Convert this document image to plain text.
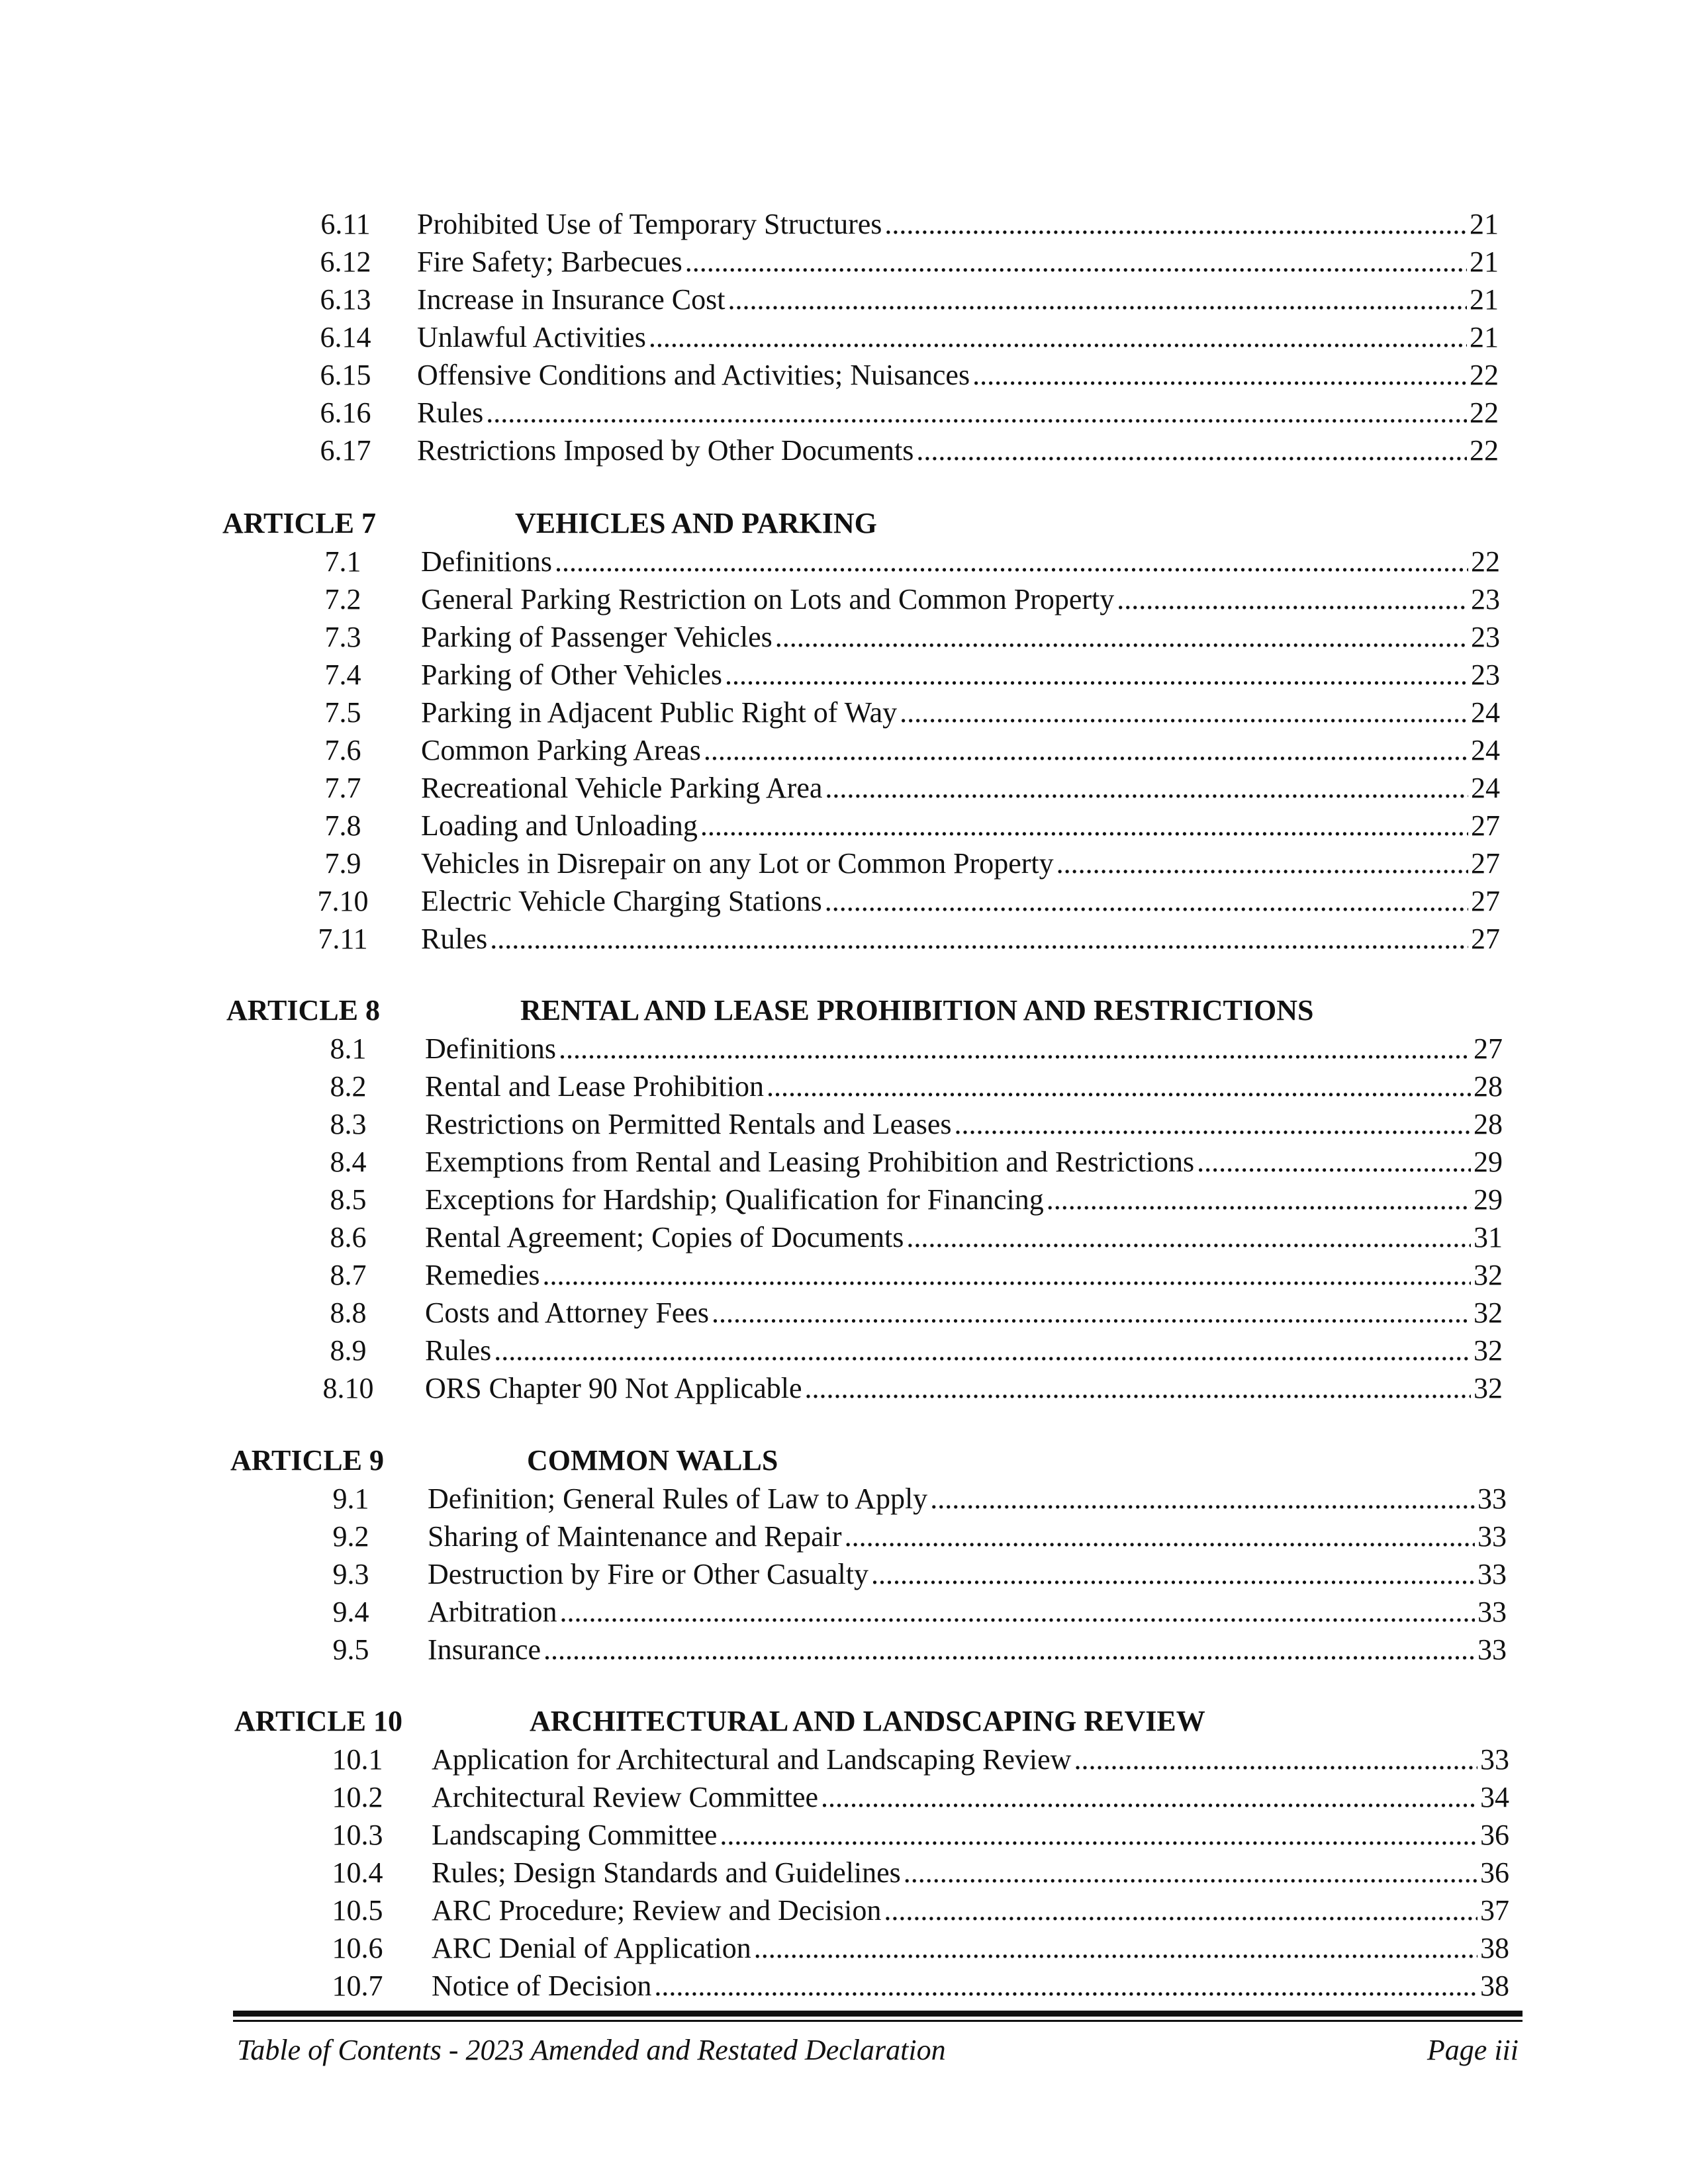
6.11	Prohibited Use of Temporary Structures .....	21
6.12	Fire Safety; Barbecues .....	21
6.13	Increase in Insurance Cost .....	21
6.14	Unlawful Activities .....	21
6.15	Offensive Conditions and Activities; Nuisances .....	22
6.16	Rules .....	22
6.17	Restrictions Imposed by Other Documents .....	22
ARTICLE 7	VEHICLES AND PARKING
7.1	Definitions .....	22
7.2	General Parking Restriction on Lots and Common Property .....	23
7.3	Parking of Passenger Vehicles .....	23
7.4	Parking of Other Vehicles .....	23
7.5	Parking in Adjacent Public Right of Way .....	24
7.6	Common Parking Areas .....	24
7.7	Recreational Vehicle Parking Area .....	24
7.8	Loading and Unloading .....	27
7.9	Vehicles in Disrepair on any Lot or Common Property .....	27
7.10	Electric Vehicle Charging Stations .....	27
7.11	Rules .....	27
ARTICLE 8	RENTAL AND LEASE PROHIBITION AND RESTRICTIONS
8.1	Definitions .....	27
8.2	Rental and Lease Prohibition .....	28
8.3	Restrictions on Permitted Rentals and Leases .....	28
8.4	Exemptions from Rental and Leasing Prohibition and Restrictions .....	29
8.5	Exceptions for Hardship; Qualification for Financing .....	29
8.6	Rental Agreement; Copies of Documents .....	31
8.7	Remedies .....	32
8.8	Costs and Attorney Fees .....	32
8.9	Rules .....	32
8.10	ORS Chapter 90 Not Applicable .....	32
ARTICLE 9	COMMON WALLS
9.1	Definition; General Rules of Law to Apply .....	33
9.2	Sharing of Maintenance and Repair .....	33
9.3	Destruction by Fire or Other Casualty .....	33
9.4	Arbitration .....	33
9.5	Insurance .....	33
ARTICLE 10	ARCHITECTURAL AND LANDSCAPING REVIEW
10.1	Application for Architectural and Landscaping Review .....	33
10.2	Architectural Review Committee .....	34
10.3	Landscaping Committee .....	36
10.4	Rules; Design Standards and Guidelines .....	36
10.5	ARC Procedure; Review and Decision .....	37
10.6	ARC Denial of Application .....	38
10.7	Notice of Decision .....	38
Table of Contents - 2023 Amended and Restated Declaration	Page iii
